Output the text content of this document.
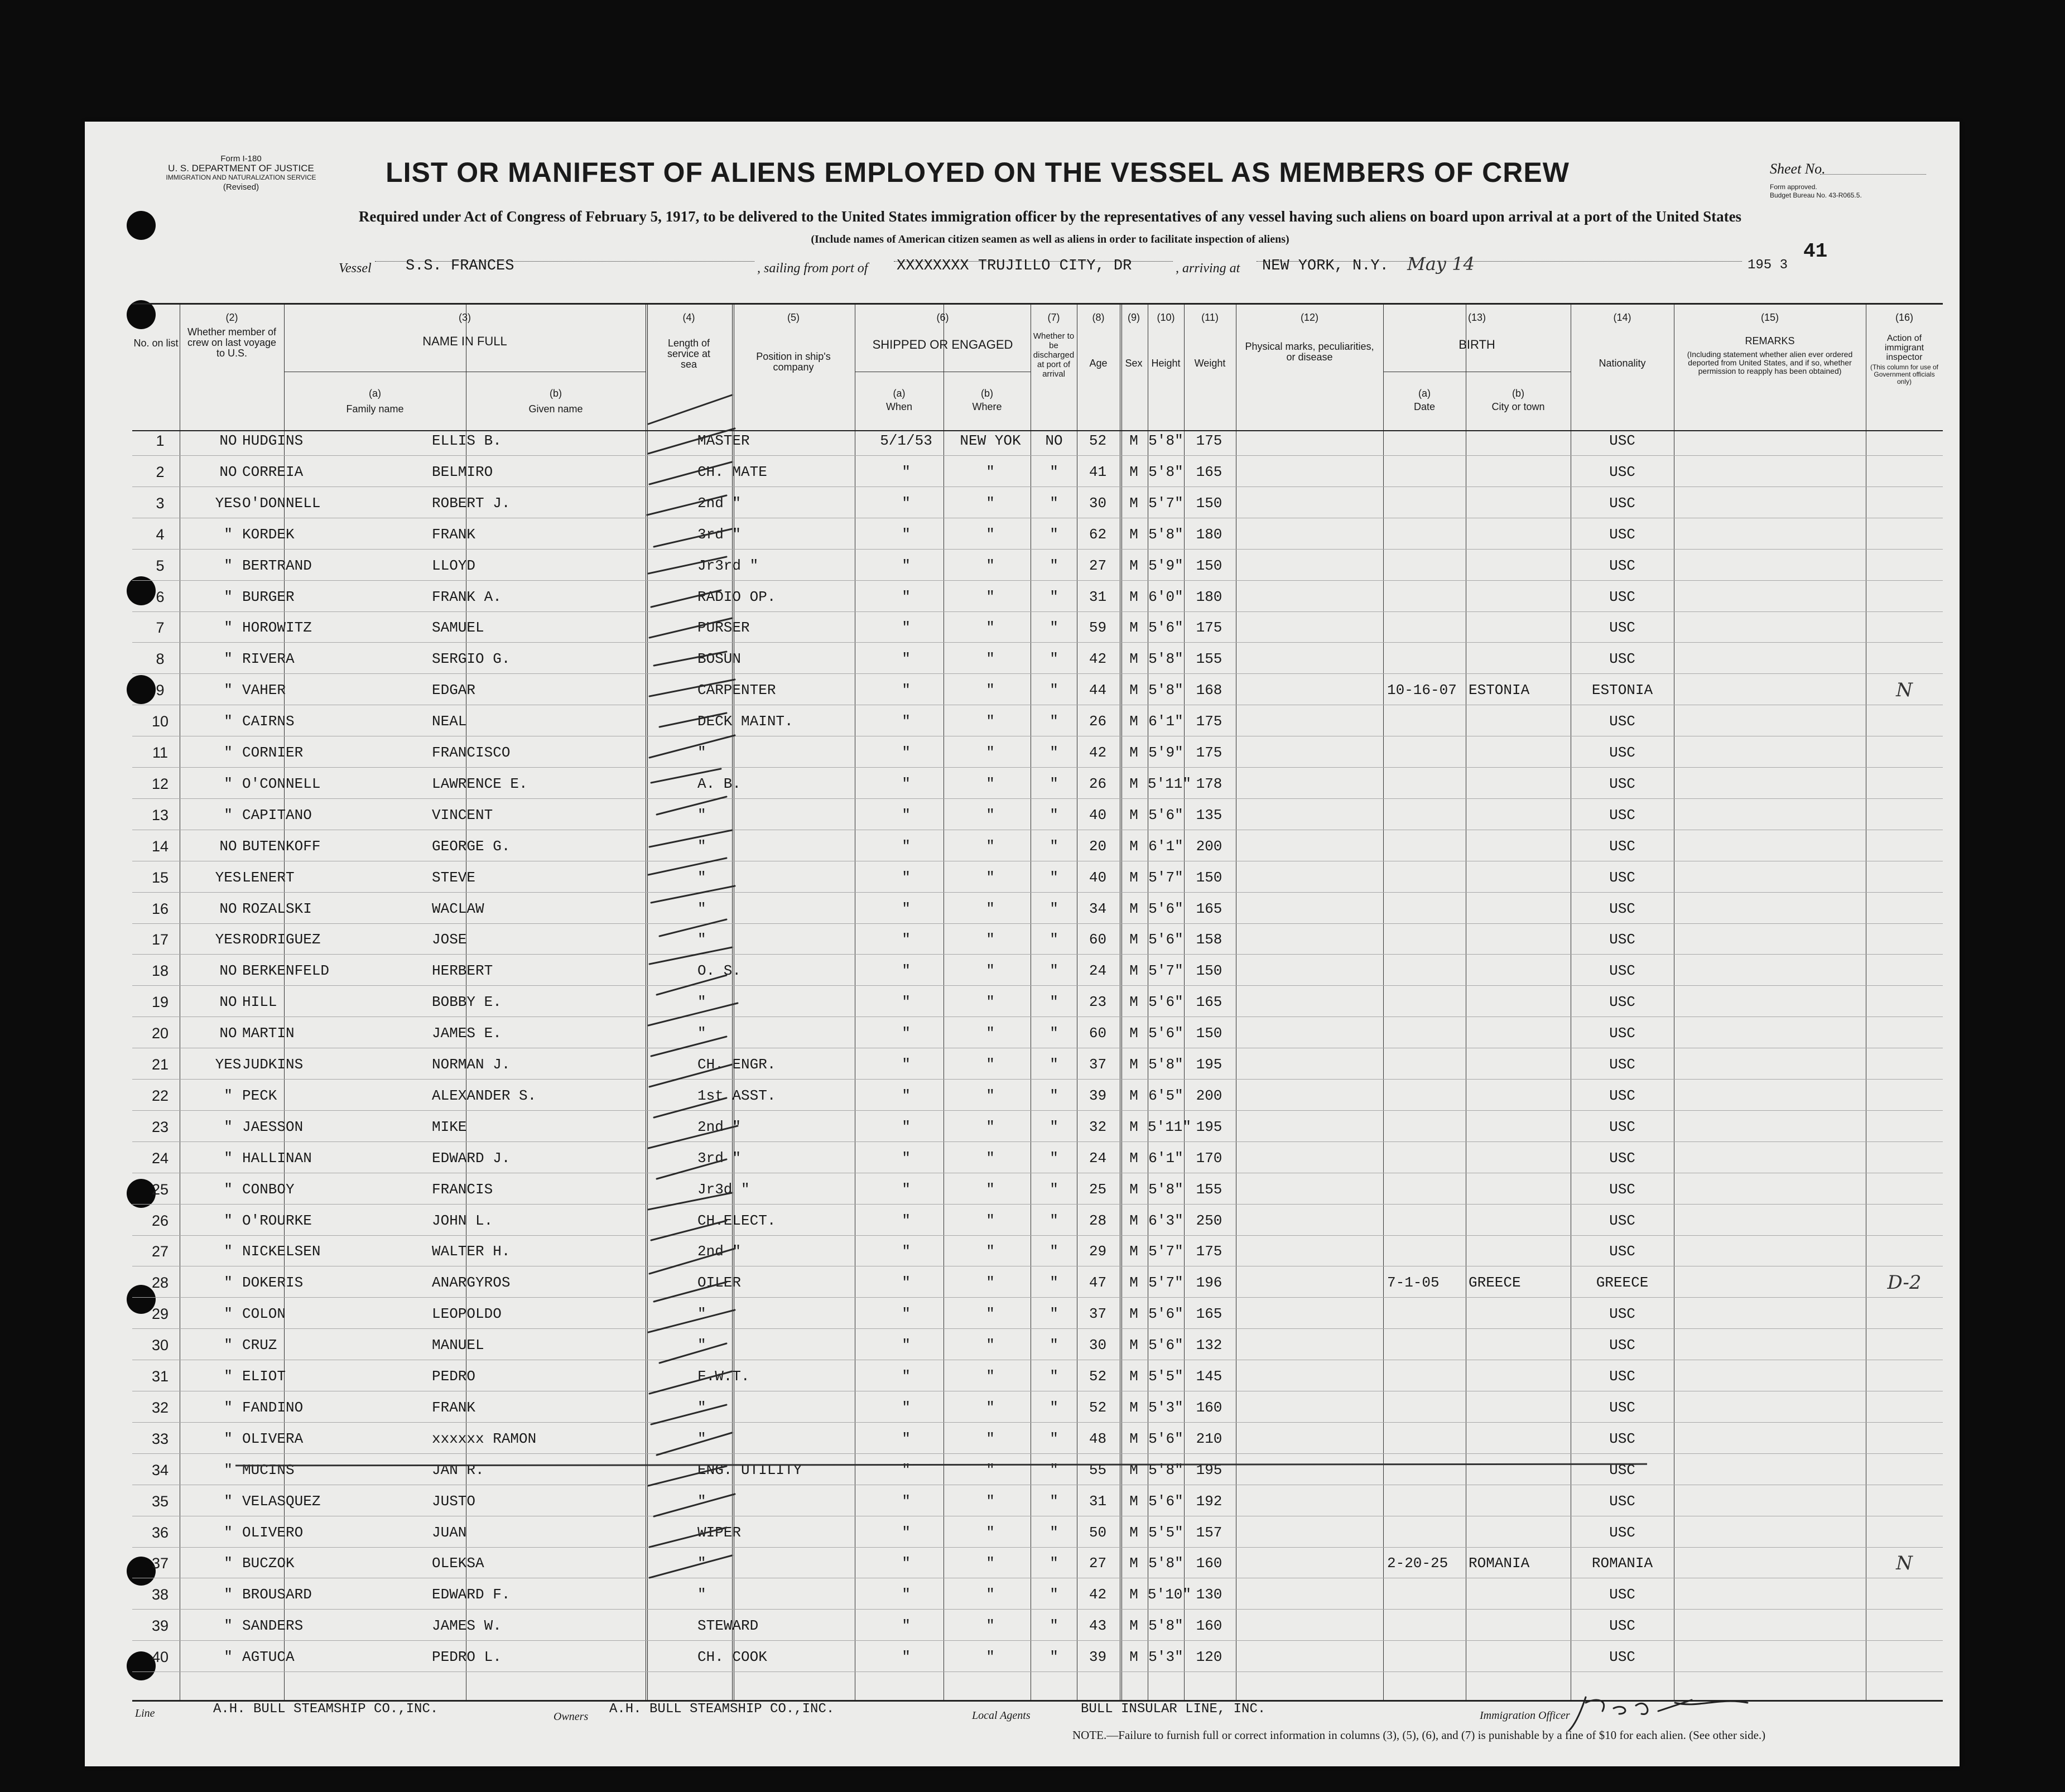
Form I-180
U. S. DEPARTMENT OF JUSTICE
IMMIGRATION AND NATURALIZATION SERVICE
(Revised)	LIST OR MANIFEST OF ALIENS EMPLOYED ON THE VESSEL AS MEMBERS OF CREW	Sheet No.
Form approved.
Budget Bureau No. 43-R065.5.
Required under Act of Congress of February 5, 1917, to be delivered to the United States immigration officer by the representatives of any vessel having such aliens on board upon arrival at a port of the United States
(Include names of American citizen seamen as well as aliens in order to facilitate inspection of aliens)
41
Vessel S.S. FRANCES	, sailing from port of XXXXXXXX TRUJILLO CITY, DR	, arriving at NEW YORK, N.Y. May 14	195 3
No. on list
(2)
Whether member of crew on last voyage to U.S.
(3)
NAME IN FULL
(a)
Family name
(b)
Given name
(4)
Length of service at sea
(5)
Position in ship's company
(6)
SHIPPED OR ENGAGED
(a)
When
(b)
Where
(7)
Whether to be discharged at port of arrival
(8)
Age
(9)
Sex
(10)
Height
(11)
Weight
(12)
Physical marks, peculiarities, or disease
(13)
BIRTH
(a)
Date
(b)
City or town
(14)
Nationality
(15)
REMARKS
(Including statement whether alien ever ordered deported from United States, and if so, whether permission to reapply has been obtained)
(16)
Action of immigrant inspector
(This column for use of Government officials only)
1	NO HUDGINS	ELLIS B.	MASTER	5/1/53	NEW YOK	NO	52	M 5'8" 175	USC
2	NO CORREIA	BELMIRO	CH. MATE	"	"	"	41	M 5'8" 165	USC
3	YES O'DONNELL	ROBERT J.	2nd "	"	"	"	30	M 5'7" 150	USC
4	" KORDEK	FRANK	3rd "	"	"	"	62	M 5'8" 180	USC
5	" BERTRAND	LLOYD	Jr3rd "	"	"	"	27	M 5'9" 150	USC
6	" BURGER	FRANK A.	RADIO OP.	"	"	"	31	M 6'0" 180	USC
7	" HOROWITZ	SAMUEL	PURSER	"	"	"	59	M 5'6" 175	USC
8	" RIVERA	SERGIO G.	BOSUN	"	"	"	42	M 5'8" 155	USC
9	" VAHER	EDGAR	CARPENTER	"	"	"	44	M 5'8" 168	10-16-07 ESTONIA	ESTONIA	N
10	" CAIRNS	NEAL	DECK MAINT.	"	"	"	26	M 6'1" 175	USC
11	" CORNIER	FRANCISCO	"	"	"	"	42	M 5'9" 175	USC
12	" O'CONNELL	LAWRENCE E.	A. B.	"	"	"	26	M 5'11" 178	USC
13	" CAPITANO	VINCENT	"	"	"	"	40	M 5'6" 135	USC
14	NO BUTENKOFF	GEORGE G.	"	"	"	"	20	M 6'1" 200	USC
15	YES LENERT	STEVE	"	"	"	"	40	M 5'7" 150	USC
16	NO ROZALSKI	WACLAW	"	"	"	"	34	M 5'6" 165	USC
17	YES RODRIGUEZ	JOSE	"	"	"	"	60	M 5'6" 158	USC
18	NO BERKENFELD	HERBERT	O. S.	"	"	"	24	M 5'7" 150	USC
19	NO HILL	BOBBY E.	"	"	"	"	23	M 5'6" 165	USC
20	NO MARTIN	JAMES E.	"	"	"	"	60	M 5'6" 150	USC
21	YES JUDKINS	NORMAN J.	CH. ENGR.	"	"	"	37	M 5'8" 195	USC
22	" PECK	ALEXANDER S.	1st ASST.	"	"	"	39	M 6'5" 200	USC
23	" JAESSON	MIKE	2nd "	"	"	"	32	M 5'11" 195	USC
24	" HALLINAN	EDWARD J.	3rd "	"	"	"	24	M 6'1" 170	USC
25	" CONBOY	FRANCIS	Jr3d "	"	"	"	25	M 5'8" 155	USC
26	" O'ROURKE	JOHN L.	CH.ELECT.	"	"	"	28	M 6'3" 250	USC
27	" NICKELSEN	WALTER H.	2nd "	"	"	"	29	M 5'7" 175	USC
28	" DOKERIS	ANARGYROS	OILER	"	"	"	47	M 5'7" 196	7-1-05	GREECE	GREECE	D-2
29	" COLON	LEOPOLDO	"	"	"	"	37	M 5'6" 165	USC
30	" CRUZ	MANUEL	"	"	"	"	30	M 5'6" 132	USC
31	" ELIOT	PEDRO	F.W.T.	"	"	"	52	M 5'5" 145	USC
32	" FANDINO	FRANK	"	"	"	"	52	M 5'3" 160	USC
33	" OLIVERA	xxxxxx RAMON	"	"	"	"	48	M 5'6" 210	USC
34	" MUCINS	JAN R.	ENG. UTILITY	"	"	"	55	M 5'8" 195	USC
35	" VELASQUEZ	JUSTO	"	"	"	"	31	M 5'6" 192	USC
36	" OLIVERO	JUAN	WIPER	"	"	"	50	M 5'5" 157	USC
37	" BUCZOK	OLEKSA	"	"	"	"	27	M 5'8" 160	2-20-25	ROMANIA	ROMANIA	N
38	" BROUSARD	EDWARD F.	"	"	"	"	42	M 5'10" 130	USC
39	" SANDERS	JAMES W.	STEWARD	"	"	"	43	M 5'8" 160	USC
40	" AGTUCA	PEDRO L.	CH. COOK	"	"	"	39	M 5'3" 120	USC
Line	A.H. BULL STEAMSHIP CO.,INC.	Owners A.H. BULL STEAMSHIP CO.,INC.	Local Agents	BULL INSULAR LINE, INC.	Immigration Officer
NOTE.—Failure to furnish full or correct information in columns (3), (5), (6), and (7) is punishable by a fine of $10 for each alien. (See other side.)
